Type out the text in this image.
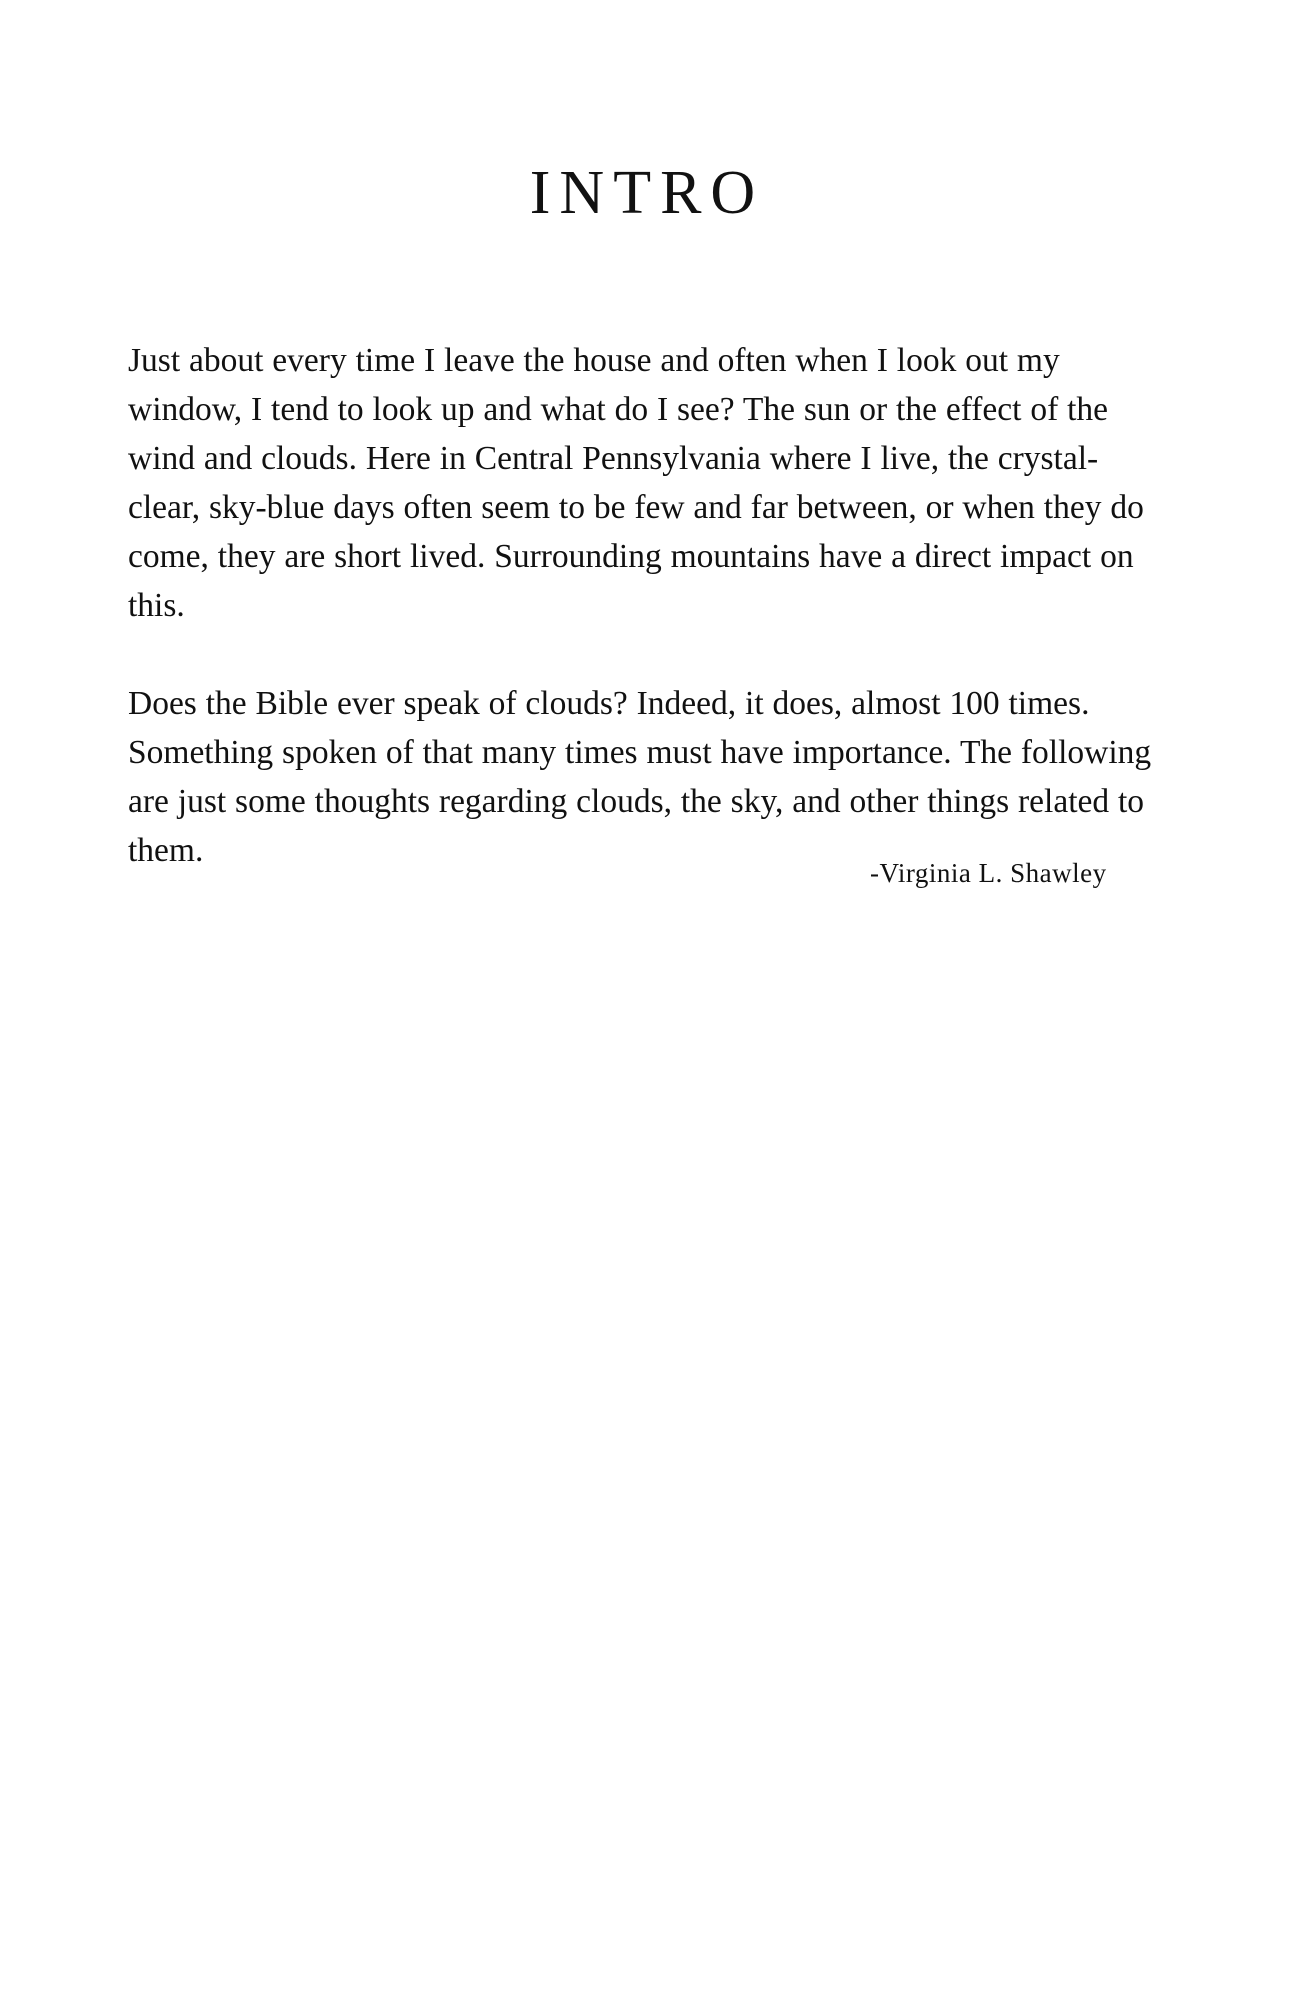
INTRO

Just about every time I leave the house and often when I look out my window, I tend to look up and what do I see? The sun or the effect of the wind and clouds. Here in Central Pennsylvania where I live, the crystal-clear, sky-blue days often seem to be few and far between, or when they do come, they are short lived. Surrounding mountains have a direct impact on this.

Does the Bible ever speak of clouds? Indeed, it does, almost 100 times. Something spoken of that many times must have importance. The following are just some thoughts regarding clouds, the sky, and other things related to them.

-Virginia L. Shawley
